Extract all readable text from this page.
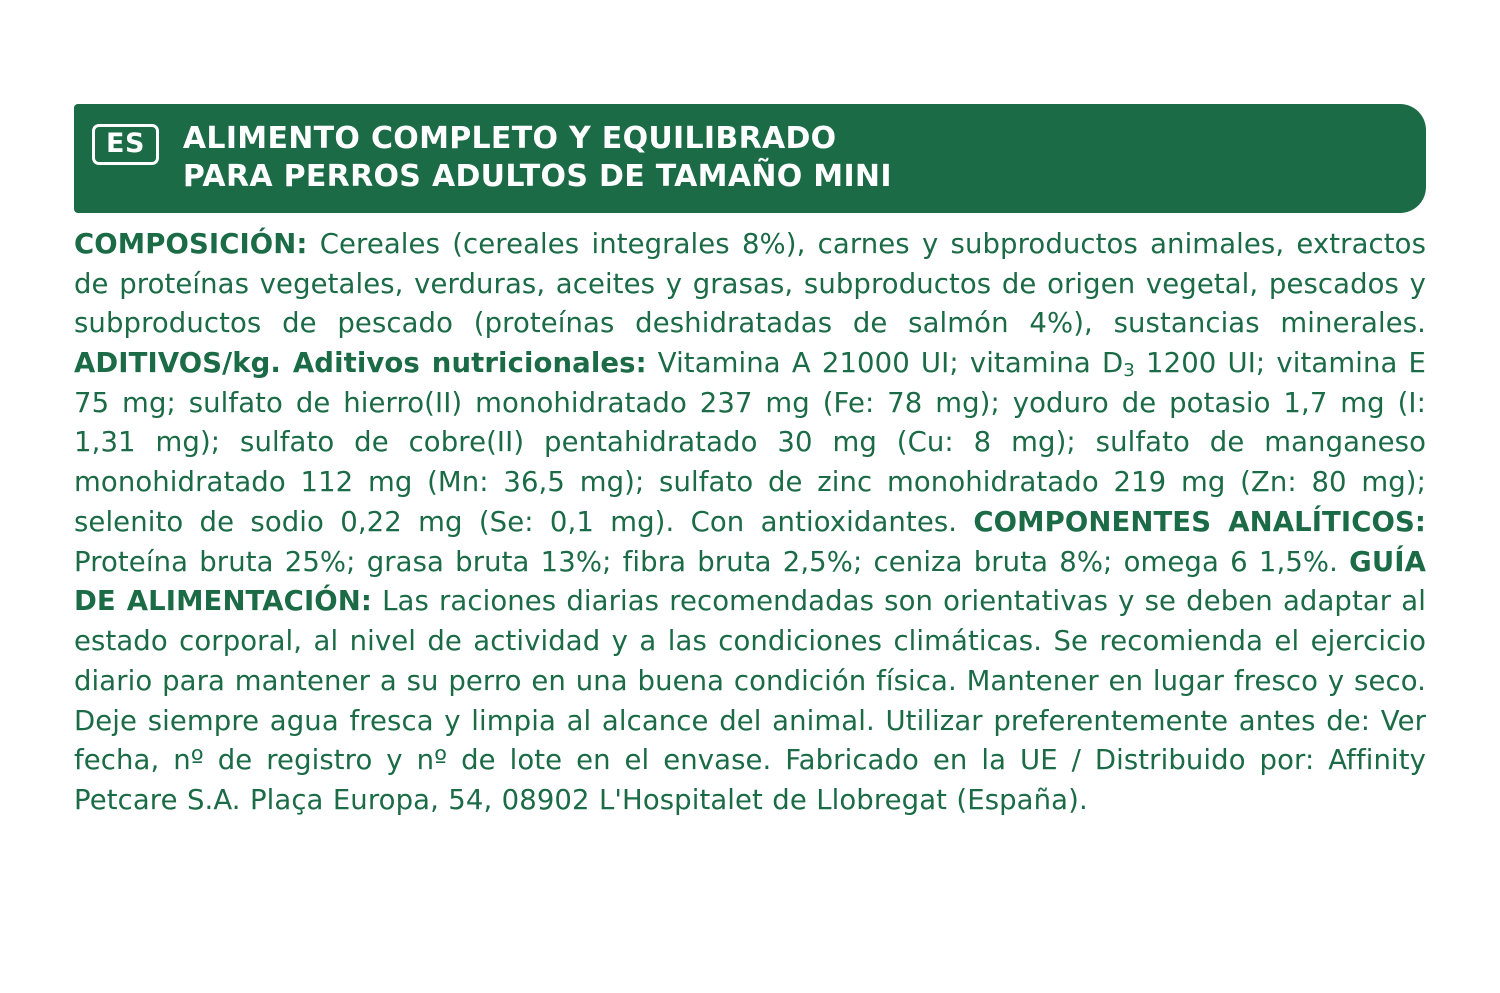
ES	ALIMENTO COMPLETO Y EQUILIBRADO
PARA PERROS ADULTOS DE TAMAÑO MINI

COMPOSICIÓN: Cereales (cereales integrales 8%), carnes y subproductos animales, extractos de proteínas vegetales, verduras, aceites y grasas, subproductos de origen vegetal, pescados y subproductos de pescado (proteínas deshidratadas de salmón 4%), sustancias minerales. ADITIVOS/kg. Aditivos nutricionales: Vitamina A 21000 UI; vitamina $D_3$ 1200 UI; vitamina E 75 mg; sulfato de hierro(II) monohidratado 237 mg (Fe: 78 mg); yoduro de potasio 1,7 mg (I: 1,31 mg); sulfato de cobre(II) pentahidratado 30 mg (Cu: 8 mg); sulfato de manganeso monohidratado 112 mg (Mn: 36,5 mg); sulfato de zinc monohidratado 219 mg (Zn: 80 mg); selenito de sodio 0,22 mg (Se: 0,1 mg). Con antioxidantes. COMPONENTES ANALÍTICOS: Proteína bruta 25%; grasa bruta 13%; fibra bruta 2,5%; ceniza bruta 8%; omega 6 1,5%. GUÍA DE ALIMENTACIÓN: Las raciones diarias recomendadas son orientativas y se deben adaptar al estado corporal, al nivel de actividad y a las condiciones climáticas. Se recomienda el ejercicio diario para mantener a su perro en una buena condición física. Mantener en lugar fresco y seco. Deje siempre agua fresca y limpia al alcance del animal. Utilizar preferentemente antes de: Ver fecha, nº de registro y nº de lote en el envase. Fabricado en la UE / Distribuido por: Affinity Petcare S.A. Plaça Europa, 54, 08902 L'Hospitalet de Llobregat (España).
